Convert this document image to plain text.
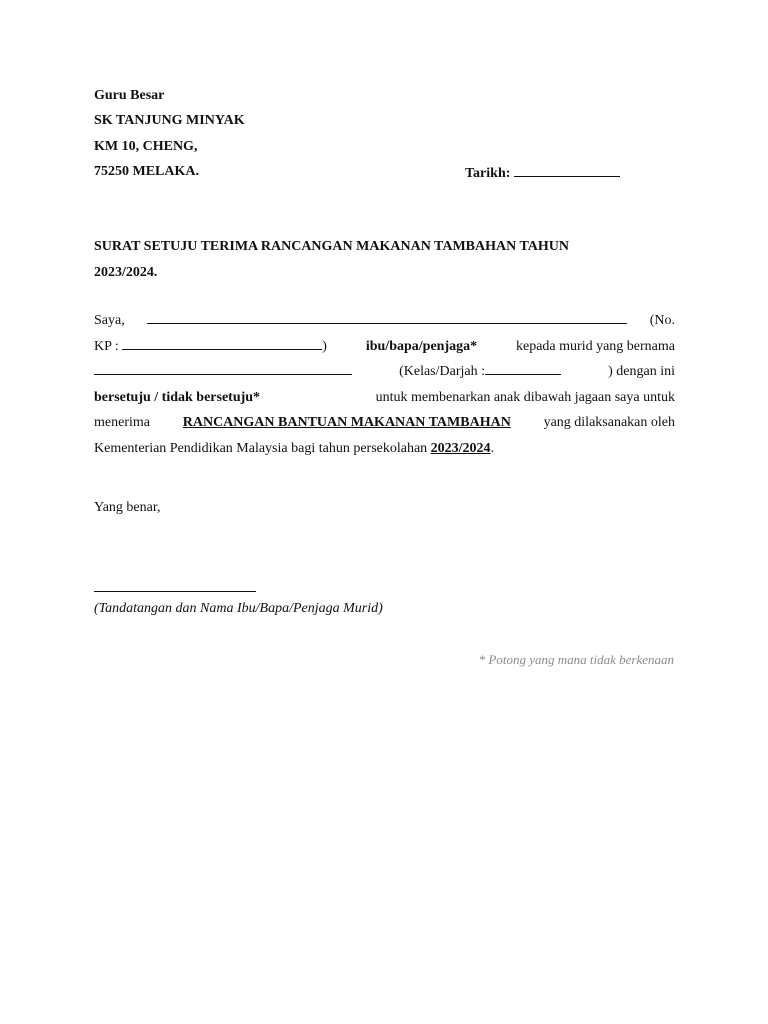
Guru Besar
SK TANJUNG MINYAK
KM 10, CHENG,
75250 MELAKA.	Tarikh:
SURAT SETUJU TERIMA RANCANGAN MAKANAN TAMBAHAN TAHUN
2023/2024.
Saya,	(No.
KP :	)	ibu/bapa/penjaga*	kepada murid yang bernama
(Kelas/Darjah :	) dengan ini
bersetuju / tidak bersetuju*	untuk membenarkan anak dibawah jagaan saya untuk
menerima RANCANGAN BANTUAN MAKANAN TAMBAHAN yang dilaksanakan oleh
Kementerian Pendidikan Malaysia bagi tahun persekolahan 2023/2024.
Yang benar,
(Tandatangan dan Nama Ibu/Bapa/Penjaga Murid)
* Potong yang mana tidak berkenaan
